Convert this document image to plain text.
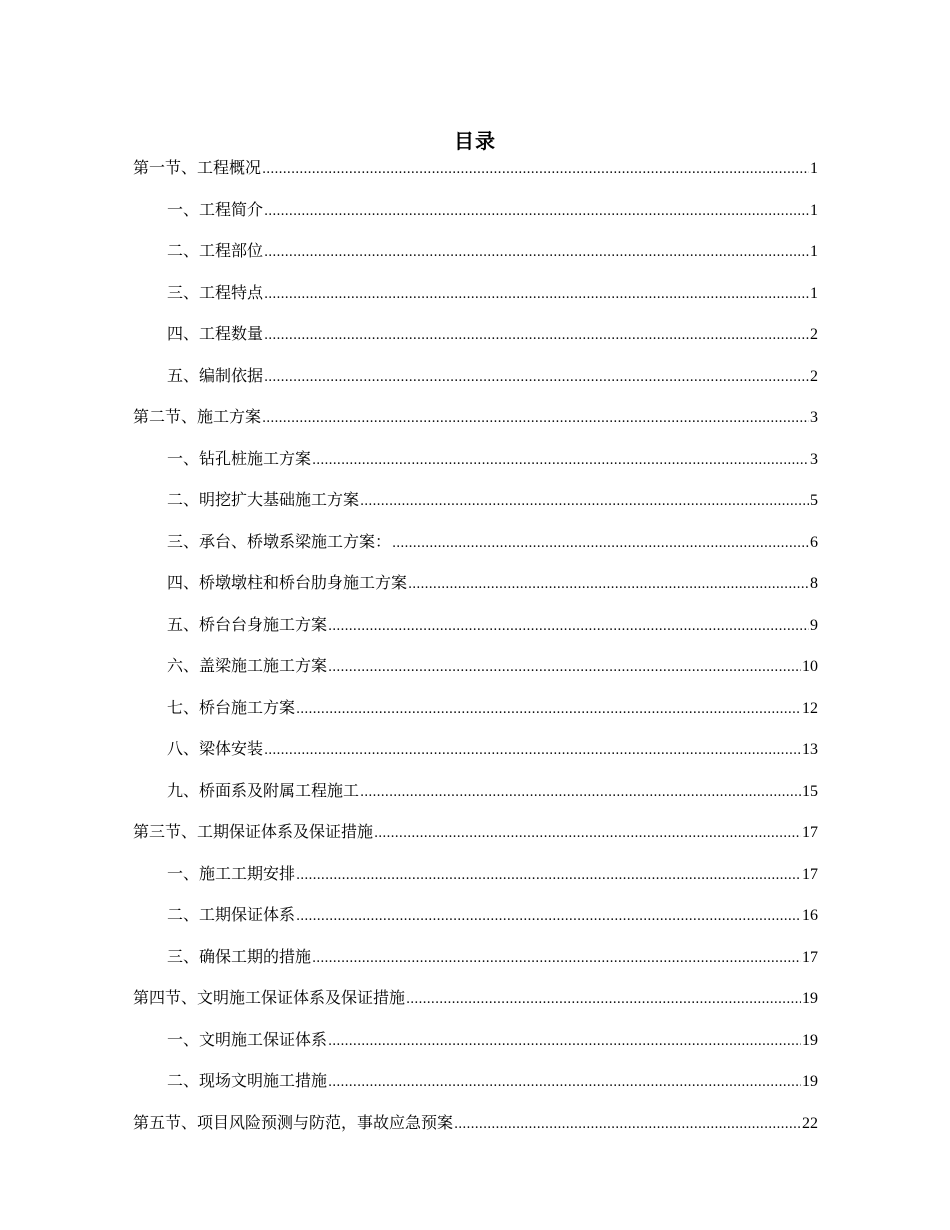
目录
第一节、工程概况 .....	1
一、工程简介 .....	1
二、工程部位 .....	1
三、工程特点 .....	1
四、工程数量 .....	2
五、编制依据 .....	2
第二节、施工方案 .....	3
一、钻孔桩施工方案 .....	3
二、明挖扩大基础施工方案 .....	5
三、承台、桥墩系梁施工方案： .....	6
四、桥墩墩柱和桥台肋身施工方案 .....	8
五、桥台台身施工方案 .....	9
六、盖梁施工施工方案 .....	10
七、桥台施工方案 .....	12
八、梁体安装 .....	13
九、桥面系及附属工程施工 .....	15
第三节、工期保证体系及保证措施 .....	17
一、施工工期安排 .....	17
二、工期保证体系 .....	16
三、确保工期的措施 .....	17
第四节、文明施工保证体系及保证措施 .....	19
一、文明施工保证体系 .....	19
二、现场文明施工措施 .....	19
第五节、项目风险预测与防范，事故应急预案 .....	22
